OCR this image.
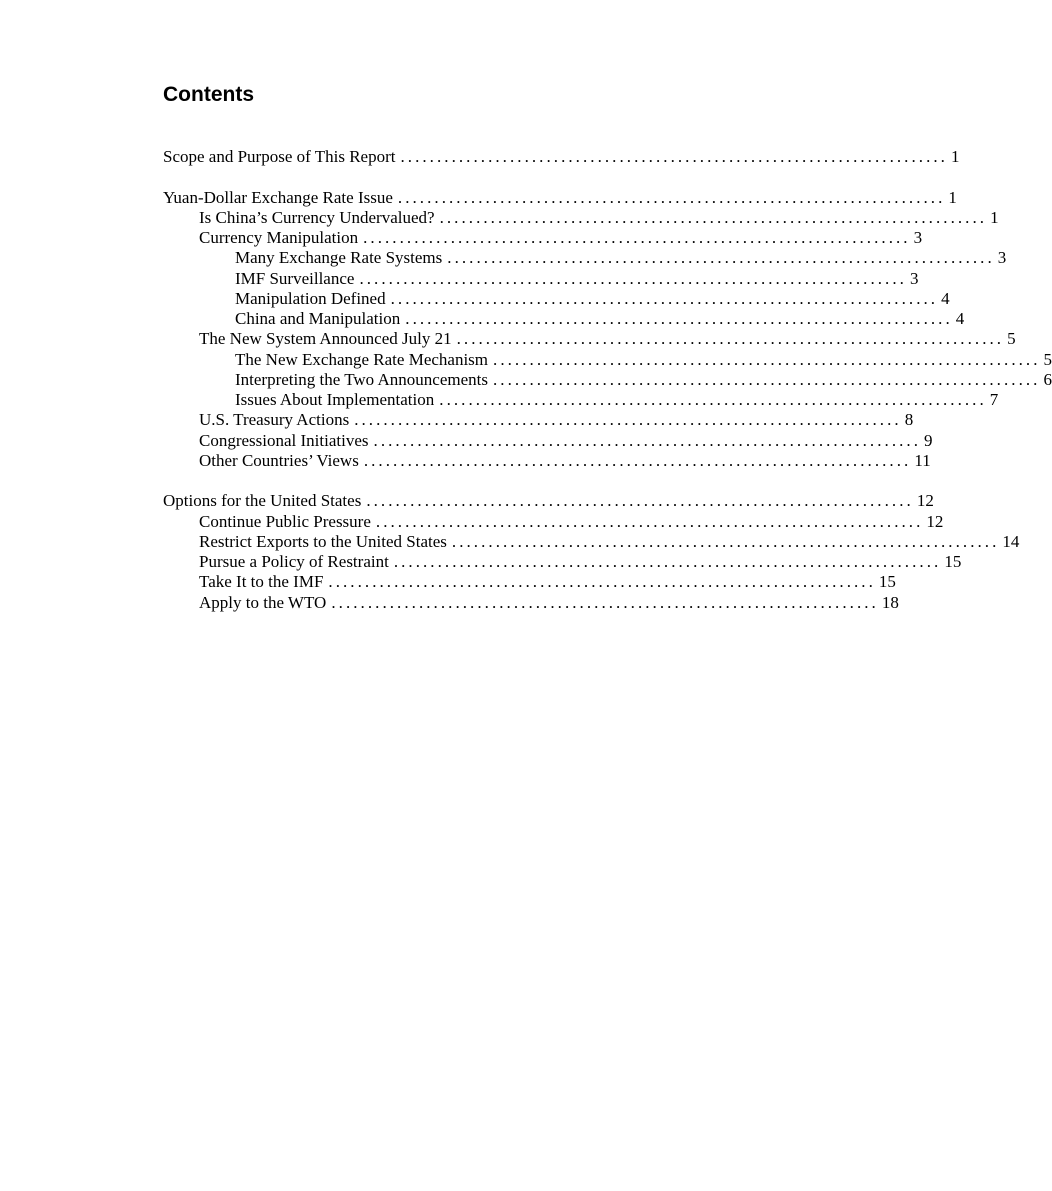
Contents
Scope and Purpose of This Report ........................................................................... 1
Yuan-Dollar Exchange Rate Issue ........................................................................... 1
Is China’s Currency Undervalued? ........................................................................... 1
Currency Manipulation ........................................................................... 3
Many Exchange Rate Systems ........................................................................... 3
IMF Surveillance ........................................................................... 3
Manipulation Defined ........................................................................... 4
China and Manipulation ........................................................................... 4
The New System Announced July 21 ........................................................................... 5
The New Exchange Rate Mechanism ........................................................................... 5
Interpreting the Two Announcements ........................................................................... 6
Issues About Implementation ........................................................................... 7
U.S. Treasury Actions ........................................................................... 8
Congressional Initiatives ........................................................................... 9
Other Countries’ Views ........................................................................... 11
Options for the United States ........................................................................... 12
Continue Public Pressure ........................................................................... 12
Restrict Exports to the United States ........................................................................... 14
Pursue a Policy of Restraint ........................................................................... 15
Take It to the IMF ........................................................................... 15
Apply to the WTO ........................................................................... 18
